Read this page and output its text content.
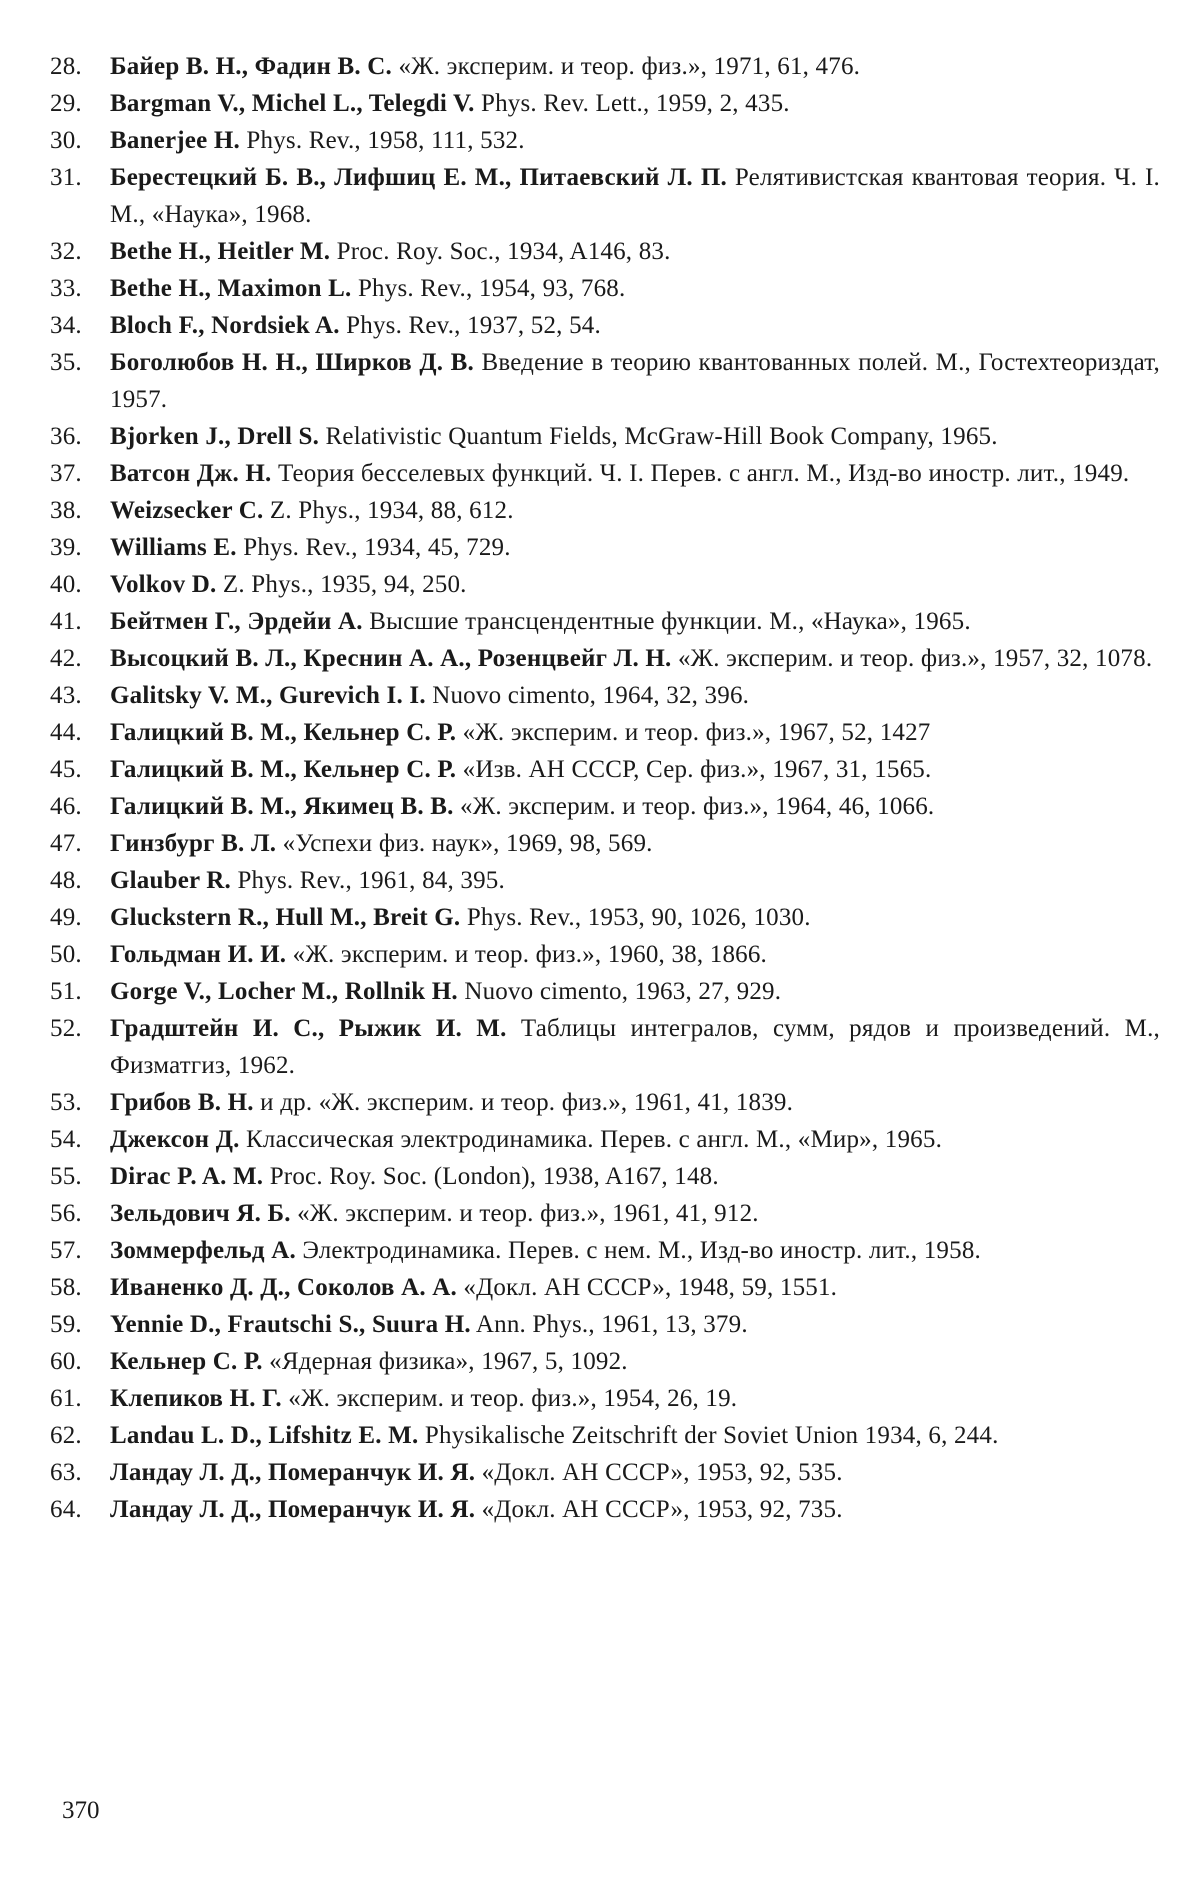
28.	Байер В. Н., Фадин В. С. «Ж. эксперим. и теор. физ.», 1971, 61, 476.
29.	Bargman V., Michel L., Telegdi V. Phys. Rev. Lett., 1959, 2, 435.
30.	Banerjee H. Phys. Rev., 1958, 111, 532.
31.	Берестецкий Б. В., Лифшиц Е. М., Питаевский Л. П. Релятивистская квантовая теория. Ч. I. М., «Наука», 1968.
32.	Bethe H., Heitler M. Proc. Roy. Soc., 1934, A146, 83.
33.	Bethe H., Maximon L. Phys. Rev., 1954, 93, 768.
34.	Bloch F., Nordsiek A. Phys. Rev., 1937, 52, 54.
35.	Боголюбов Н. Н., Ширков Д. В. Введение в теорию квантованных полей. М., Гостехтеориздат, 1957.
36.	Bjorken J., Drell S. Relativistic Quantum Fields, McGraw-Hill Book Company, 1965.
37.	Ватсон Дж. Н. Теория бесселевых функций. Ч. I. Перев. с англ. М., Изд-во иностр. лит., 1949.
38.	Weizsecker C. Z. Phys., 1934, 88, 612.
39.	Williams E. Phys. Rev., 1934, 45, 729.
40.	Volkov D. Z. Phys., 1935, 94, 250.
41.	Бейтмен Г., Эрдейи А. Высшие трансцендентные функции. М., «Наука», 1965.
42.	Высоцкий В. Л., Креснин А. А., Розенцвейг Л. Н. «Ж. эксперим. и теор. физ.», 1957, 32, 1078.
43.	Galitsky V. M., Gurevich I. I. Nuovo cimento, 1964, 32, 396.
44.	Галицкий В. М., Кельнер С. Р. «Ж. эксперим. и теор. физ.», 1967, 52, 1427
45.	Галицкий В. М., Кельнер С. Р. «Изв. АН СССР, Сер. физ.», 1967, 31, 1565.
46.	Галицкий В. М., Якимец В. В. «Ж. эксперим. и теор. физ.», 1964, 46, 1066.
47.	Гинзбург В. Л. «Успехи физ. наук», 1969, 98, 569.
48.	Glauber R. Phys. Rev., 1961, 84, 395.
49.	Gluckstern R., Hull M., Breit G. Phys. Rev., 1953, 90, 1026, 1030.
50.	Гольдман И. И. «Ж. эксперим. и теор. физ.», 1960, 38, 1866.
51.	Gorge V., Locher M., Rollnik H. Nuovo cimento, 1963, 27, 929.
52.	Градштейн И. С., Рыжик И. М. Таблицы интегралов, сумм, рядов и произведений. М., Физматгиз, 1962.
53.	Грибов В. Н. и др. «Ж. эксперим. и теор. физ.», 1961, 41, 1839.
54.	Джексон Д. Классическая электродинамика. Перев. с англ. М., «Мир», 1965.
55.	Dirac P. A. M. Proc. Roy. Soc. (London), 1938, A167, 148.
56.	Зельдович Я. Б. «Ж. эксперим. и теор. физ.», 1961, 41, 912.
57.	Зоммерфельд А. Электродинамика. Перев. с нем. М., Изд-во иностр. лит., 1958.
58.	Иваненко Д. Д., Соколов А. А. «Докл. АН СССР», 1948, 59, 1551.
59.	Yennie D., Frautschi S., Suura H. Ann. Phys., 1961, 13, 379.
60.	Кельнер С. Р. «Ядерная физика», 1967, 5, 1092.
61.	Клепиков Н. Г. «Ж. эксперим. и теор. физ.», 1954, 26, 19.
62.	Landau L. D., Lifshitz E. M. Physikalische Zeitschrift der Soviet Union 1934, 6, 244.
63.	Ландау Л. Д., Померанчук И. Я. «Докл. АН СССР», 1953, 92, 535.
64.	Ландау Л. Д., Померанчук И. Я. «Докл. АН СССР», 1953, 92, 735.
370
